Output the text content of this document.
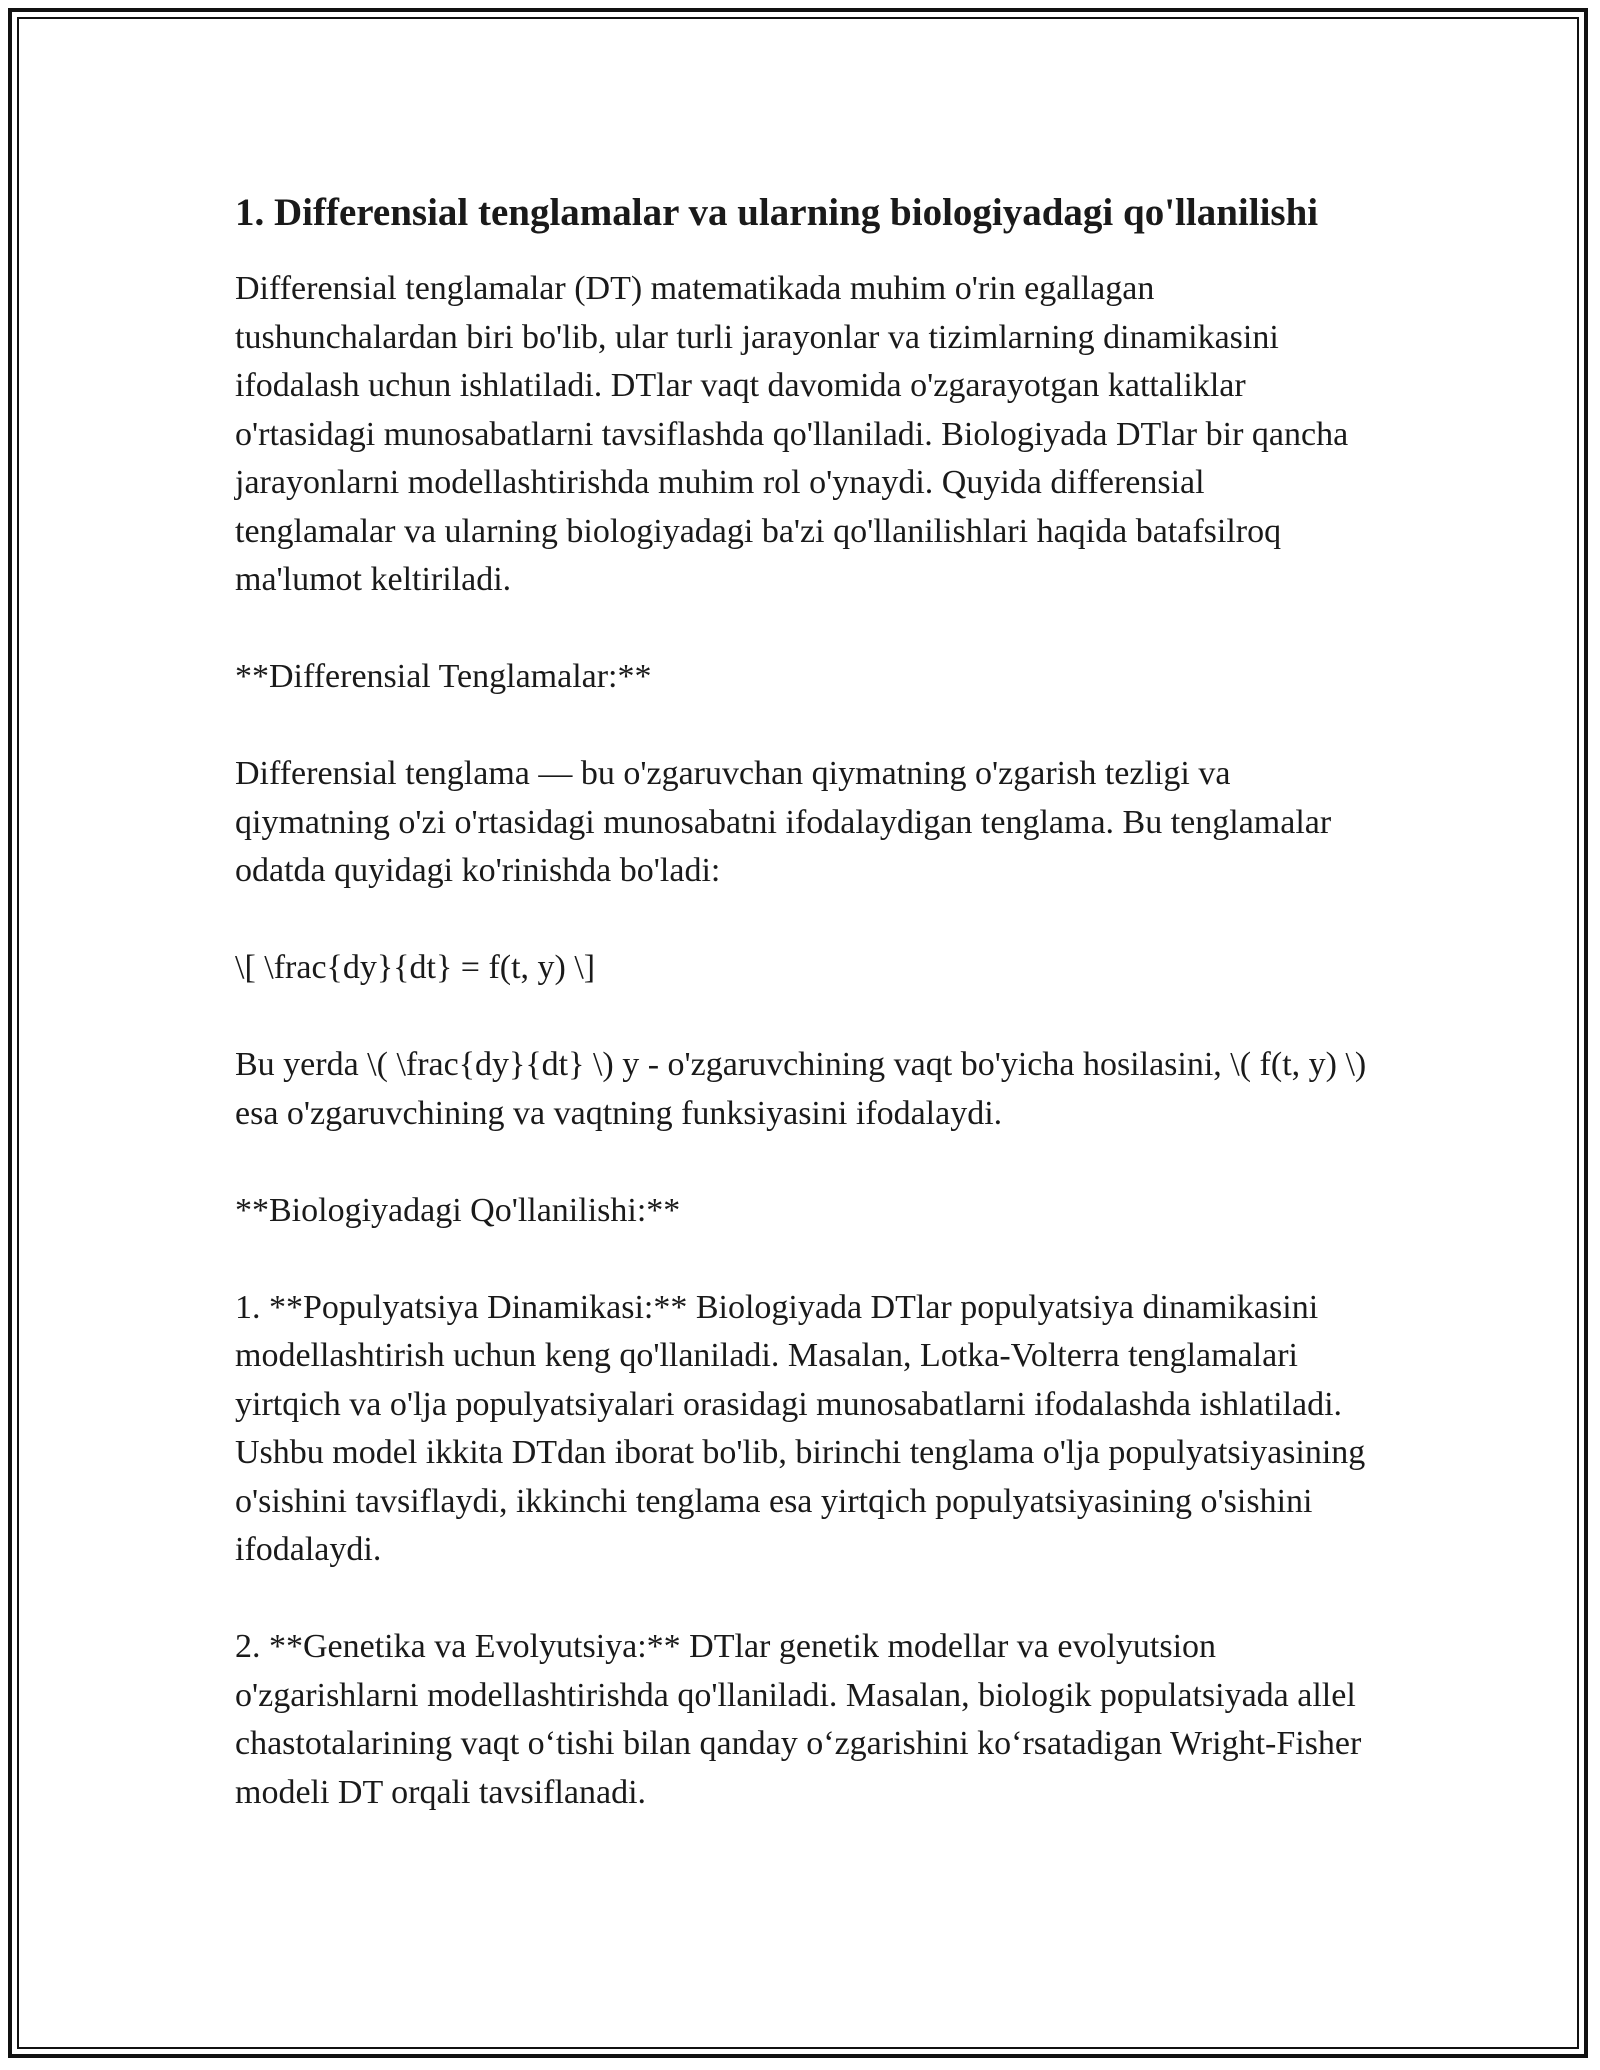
1. Differensial tenglamalar va ularning biologiyadagi qo'llanilishi

Differensial tenglamalar (DT) matematikada muhim o'rin egallagan tushunchalardan biri bo'lib, ular turli jarayonlar va tizimlarning dinamikasini ifodalash uchun ishlatiladi. DTlar vaqt davomida o'zgarayotgan kattaliklar o'rtasidagi munosabatlarni tavsiflashda qo'llaniladi. Biologiyada DTlar bir qancha jarayonlarni modellashtirishda muhim rol o'ynaydi. Quyida differensial tenglamalar va ularning biologiyadagi ba'zi qo'llanilishlari haqida batafsilroq ma'lumot keltiriladi.

**Differensial Tenglamalar:**

Differensial tenglama — bu o'zgaruvchan qiymatning o'zgarish tezligi va qiymatning o'zi o'rtasidagi munosabatni ifodalaydigan tenglama. Bu tenglamalar odatda quyidagi ko'rinishda bo'ladi:

\[ \frac{dy}{dt} = f(t, y) \]

Bu yerda \( \frac{dy}{dt} \) y - o'zgaruvchining vaqt bo'yicha hosilasini, \( f(t, y) \) esa o'zgaruvchining va vaqtning funksiyasini ifodalaydi.

**Biologiyadagi Qo'llanilishi:**

1. **Populyatsiya Dinamikasi:** Biologiyada DTlar populyatsiya dinamikasini modellashtirish uchun keng qo'llaniladi. Masalan, Lotka-Volterra tenglamalari yirtqich va o'lja populyatsiyalari orasidagi munosabatlarni ifodalashda ishlatiladi. Ushbu model ikkita DTdan iborat bo'lib, birinchi tenglama o'lja populyatsiyasining o'sishini tavsiflaydi, ikkinchi tenglama esa yirtqich populyatsiyasining o'sishini ifodalaydi.

2. **Genetika va Evolyutsiya:** DTlar genetik modellar va evolyutsion o'zgarishlarni modellashtirishda qo'llaniladi. Masalan, biologik populatsiyada allel chastotalarining vaqt oʻtishi bilan qanday oʻzgarishini koʻrsatadigan Wright-Fisher modeli DT orqali tavsiflanadi.
